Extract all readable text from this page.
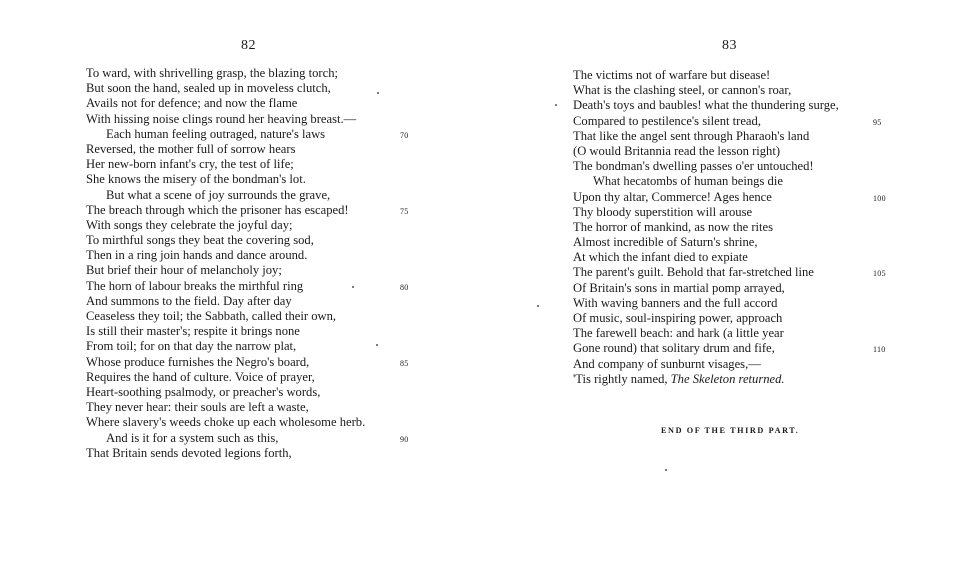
82
To ward, with shrivelling grasp, the blazing torch;
But soon the hand, sealed up in moveless clutch,
Avails not for defence; and now the flame
With hissing noise clings round her heaving breast.—
Each human feeling outraged, nature's laws	70
Reversed, the mother full of sorrow hears
Her new-born infant's cry, the test of life;
She knows the misery of the bondman's lot.
But what a scene of joy surrounds the grave,
The breach through which the prisoner has escaped!	75
With songs they celebrate the joyful day;
To mirthful songs they beat the covering sod,
Then in a ring join hands and dance around.
But brief their hour of melancholy joy;
The horn of labour breaks the mirthful ring	80
And summons to the field. Day after day
Ceaseless they toil; the Sabbath, called their own,
Is still their master's; respite it brings none
From toil; for on that day the narrow plat,
Whose produce furnishes the Negro's board,	85
Requires the hand of culture. Voice of prayer,
Heart-soothing psalmody, or preacher's words,
They never hear: their souls are left a waste,
Where slavery's weeds choke up each wholesome herb.
And is it for a system such as this,	90
That Britain sends devoted legions forth,
83
The victims not of warfare but disease!
What is the clashing steel, or cannon's roar,
Death's toys and baubles! what the thundering surge,
Compared to pestilence's silent tread,	95
That like the angel sent through Pharaoh's land
(O would Britannia read the lesson right)
The bondman's dwelling passes o'er untouched!
What hecatombs of human beings die
Upon thy altar, Commerce! Ages hence	100
Thy bloody superstition will arouse
The horror of mankind, as now the rites
Almost incredible of Saturn's shrine,
At which the infant died to expiate
The parent's guilt. Behold that far-stretched line	105
Of Britain's sons in martial pomp arrayed,
With waving banners and the full accord
Of music, soul-inspiring power, approach
The farewell beach: and hark (a little year
Gone round) that solitary drum and fife,	110
And company of sunburnt visages,—
'Tis rightly named, The Skeleton returned.
END OF THE THIRD PART.
